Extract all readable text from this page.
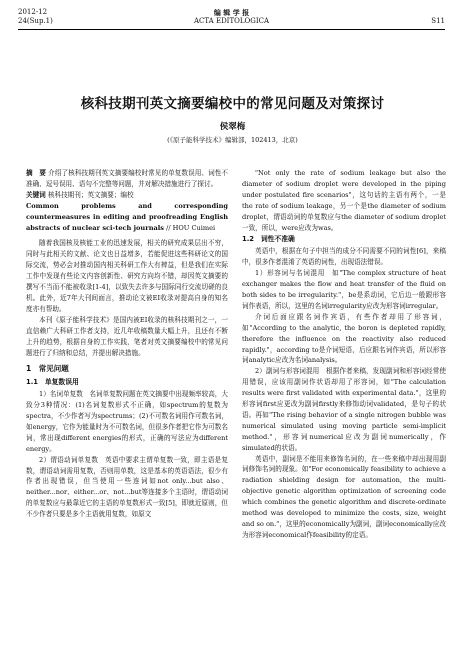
2012-12
24(Sup.1)
编 辑 学 报
ACTA EDITOLOGICA	S11
核科技期刊英文摘要编校中的常见问题及对策探讨
侯翠梅
(《原子能科学技术》编辑部，102413，北京)

摘　要 介绍了核科技期刊英文摘要编校时常见的单复数误用、词性不准确、逗号误用、语句不完整等问题，并对解决措施进行了探讨。

关键词 核科技期刊；英文摘要；编校

Common problems and corresponding countermeasures in editing and proofreading English abstracts of nuclear sci-tech journals // HOU Cuimei

随着我国核及核能工业的迅速发展，相关的研究成果层出不穷，同时与此相关的文献、论文也日益增多，若能促进这些科研论文的国际交流，势必会对推动国内相关科研工作大有裨益，但是我们在实际工作中发现有些论文内容创新性、研究方向均不错，却因英文摘要的撰写不当而不能被收录[1-4]，以致失去许多与国际同行交流切磋的良机。此外，近7年大刊间面言，推动论文被EI收录对提高自身的知名度亦有帮助。

本刊《原子能科学技术》是国内被EI收录的核科技期刊之一，一直信赖广大科研工作者支持，近几年收稿数量大幅上升，且还有不断上升的趋势，根据自身的工作实践，笔者对英文摘要编校中的常见问题进行了归纳和总结，并提出解决措施。

1　常见问题
1.1　单复数误用

1）名词单复数　名词单复数问题在英文摘要中出现频率较高，大致分3种情况：(1)名词复数形式不正确，如spectrum的复数为spectra，不少作者写为spectrums；(2)不可数名词用作可数名词，如energy，它作为能量时为不可数名词，但很多作者把它作为可数名词，常出现different energies的形式，正确的写法应为different energy。

2）谓语动词单复数　英语中要求主谓单复数一致，即主语是复数，谓语动词需用复数，否则用单数，这是基本的英语语法，很少有作者出现错误，但当使用一些连词如not only...but also、neither...nor、either...or、not...but等连接多个主语时，谓语动词的单复数应与最靠近它的主语的单复数形式一致[5]，即就近原则，但不少作者只要是多个主语就用复数，如原文

"Not only the rate of sodium leakage but also the diameter of sodium droplet were developed in the piping under postulated fire scenarios"，这句话的主语有两个，一是the rate of sodium leakage，另一个是the diameter of sodium droplet，谓语动词的单复数应与the diameter of sodium droplet一致，所以，were应改为was。

1.2　词性不准确

英语中，根据在句子中担当的成分不同需要不同的词性[6]，来稿中，很多作者混淆了英语的词性，出现语法错误。

1）形容词与名词混用　如"The complex structure of heat exchanger makes the flow and heat transfer of the fluid on both sides to be irregularity."，be是系动词，它后边一般跟形容词作表语，所以，这里的名词irregularity应改为形容词irregular。

介词后面应跟名词作宾语，有些作者却用了形容词，如"According to the analytic, the boron is depleted rapidly, therefore the influence on the reactivity also reduced rapidly."，according to是介词短语，后应跟名词作宾语，所以形容词analytic应改为名词analysis。

2）副词与形容词混用　根据作者来稿，发现副词和形容词经常使用错误，应该用副词作状语却用了形容词，如"The calculation results were first validated with experimental data."，这里的形容词first应更改为副词firstly来修饰动词validated，是句子的状语。再如"The rising behavior of a single nitrogen bubble was numerical simulated using moving particle semi-implicit method."，形容词numerical应改为副词numerically，作simulated的状语。

英语中，副词是不能用来修饰名词的，在一些来稿中却出现用副词修饰名词的现象。如"For economically feasibility to achieve a radiation shielding design for automation, the multi-objective genetic algorithm optimization of screening code which combines the genetic algorithm and discrete-ordinate method was developed to minimize the costs, size, weight and so on."，这里的economically为副词，副词economically应改为形容词economical作feasibility的定语。
